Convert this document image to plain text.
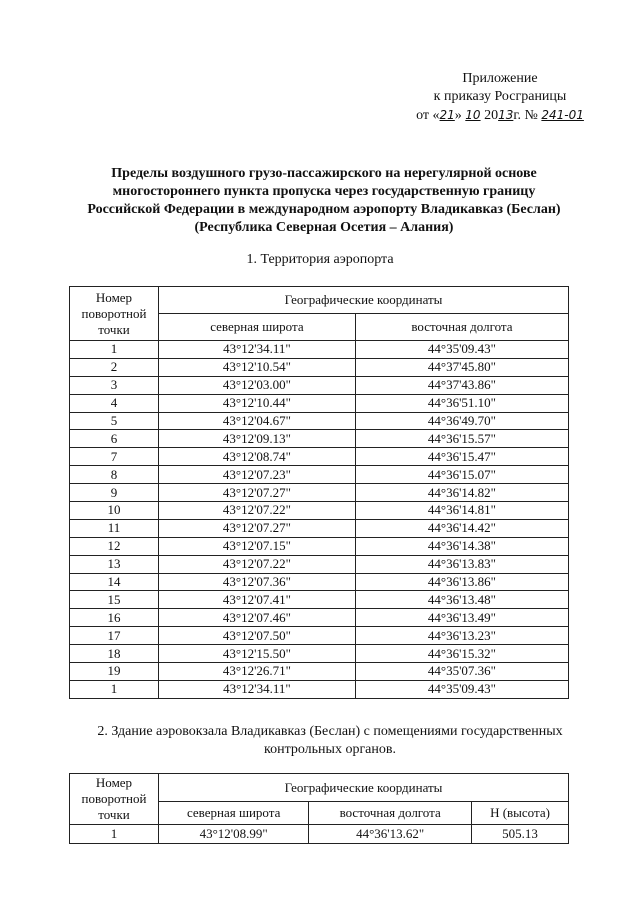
Приложение
к приказу Росграницы
от «21» 10 2013г. № 241-01
Пределы воздушного грузо-пассажирского на нерегулярной основе
многостороннего пункта пропуска через государственную границу
Российской Федерации в международном аэропорту Владикавказ (Беслан)
(Республика Северная Осетия – Алания)
1. Территория аэропорта
Номер поворотной точки	Географические координаты	
	северная широта	восточная долгота
1	43°12'34.11"	44°35'09.43"
2	43°12'10.54"	44°37'45.80"
3	43°12'03.00"	44°37'43.86"
4	43°12'10.44"	44°36'51.10"
5	43°12'04.67"	44°36'49.70"
6	43°12'09.13"	44°36'15.57"
7	43°12'08.74"	44°36'15.47"
8	43°12'07.23"	44°36'15.07"
9	43°12'07.27"	44°36'14.82"
10	43°12'07.22"	44°36'14.81"
11	43°12'07.27"	44°36'14.42"
12	43°12'07.15"	44°36'14.38"
13	43°12'07.22"	44°36'13.83"
14	43°12'07.36"	44°36'13.86"
15	43°12'07.41"	44°36'13.48"
16	43°12'07.46"	44°36'13.49"
17	43°12'07.50"	44°36'13.23"
18	43°12'15.50"	44°36'15.32"
19	43°12'26.71"	44°35'07.36"
1	43°12'34.11"	44°35'09.43"
2. Здание аэровокзала Владикавказ (Беслан) с помещениями государственных контрольных органов.
Номер поворотной точки	Географические координаты		
	северная широта	восточная долгота	Н (высота)
1	43°12'08.99"	44°36'13.62"	505.13
